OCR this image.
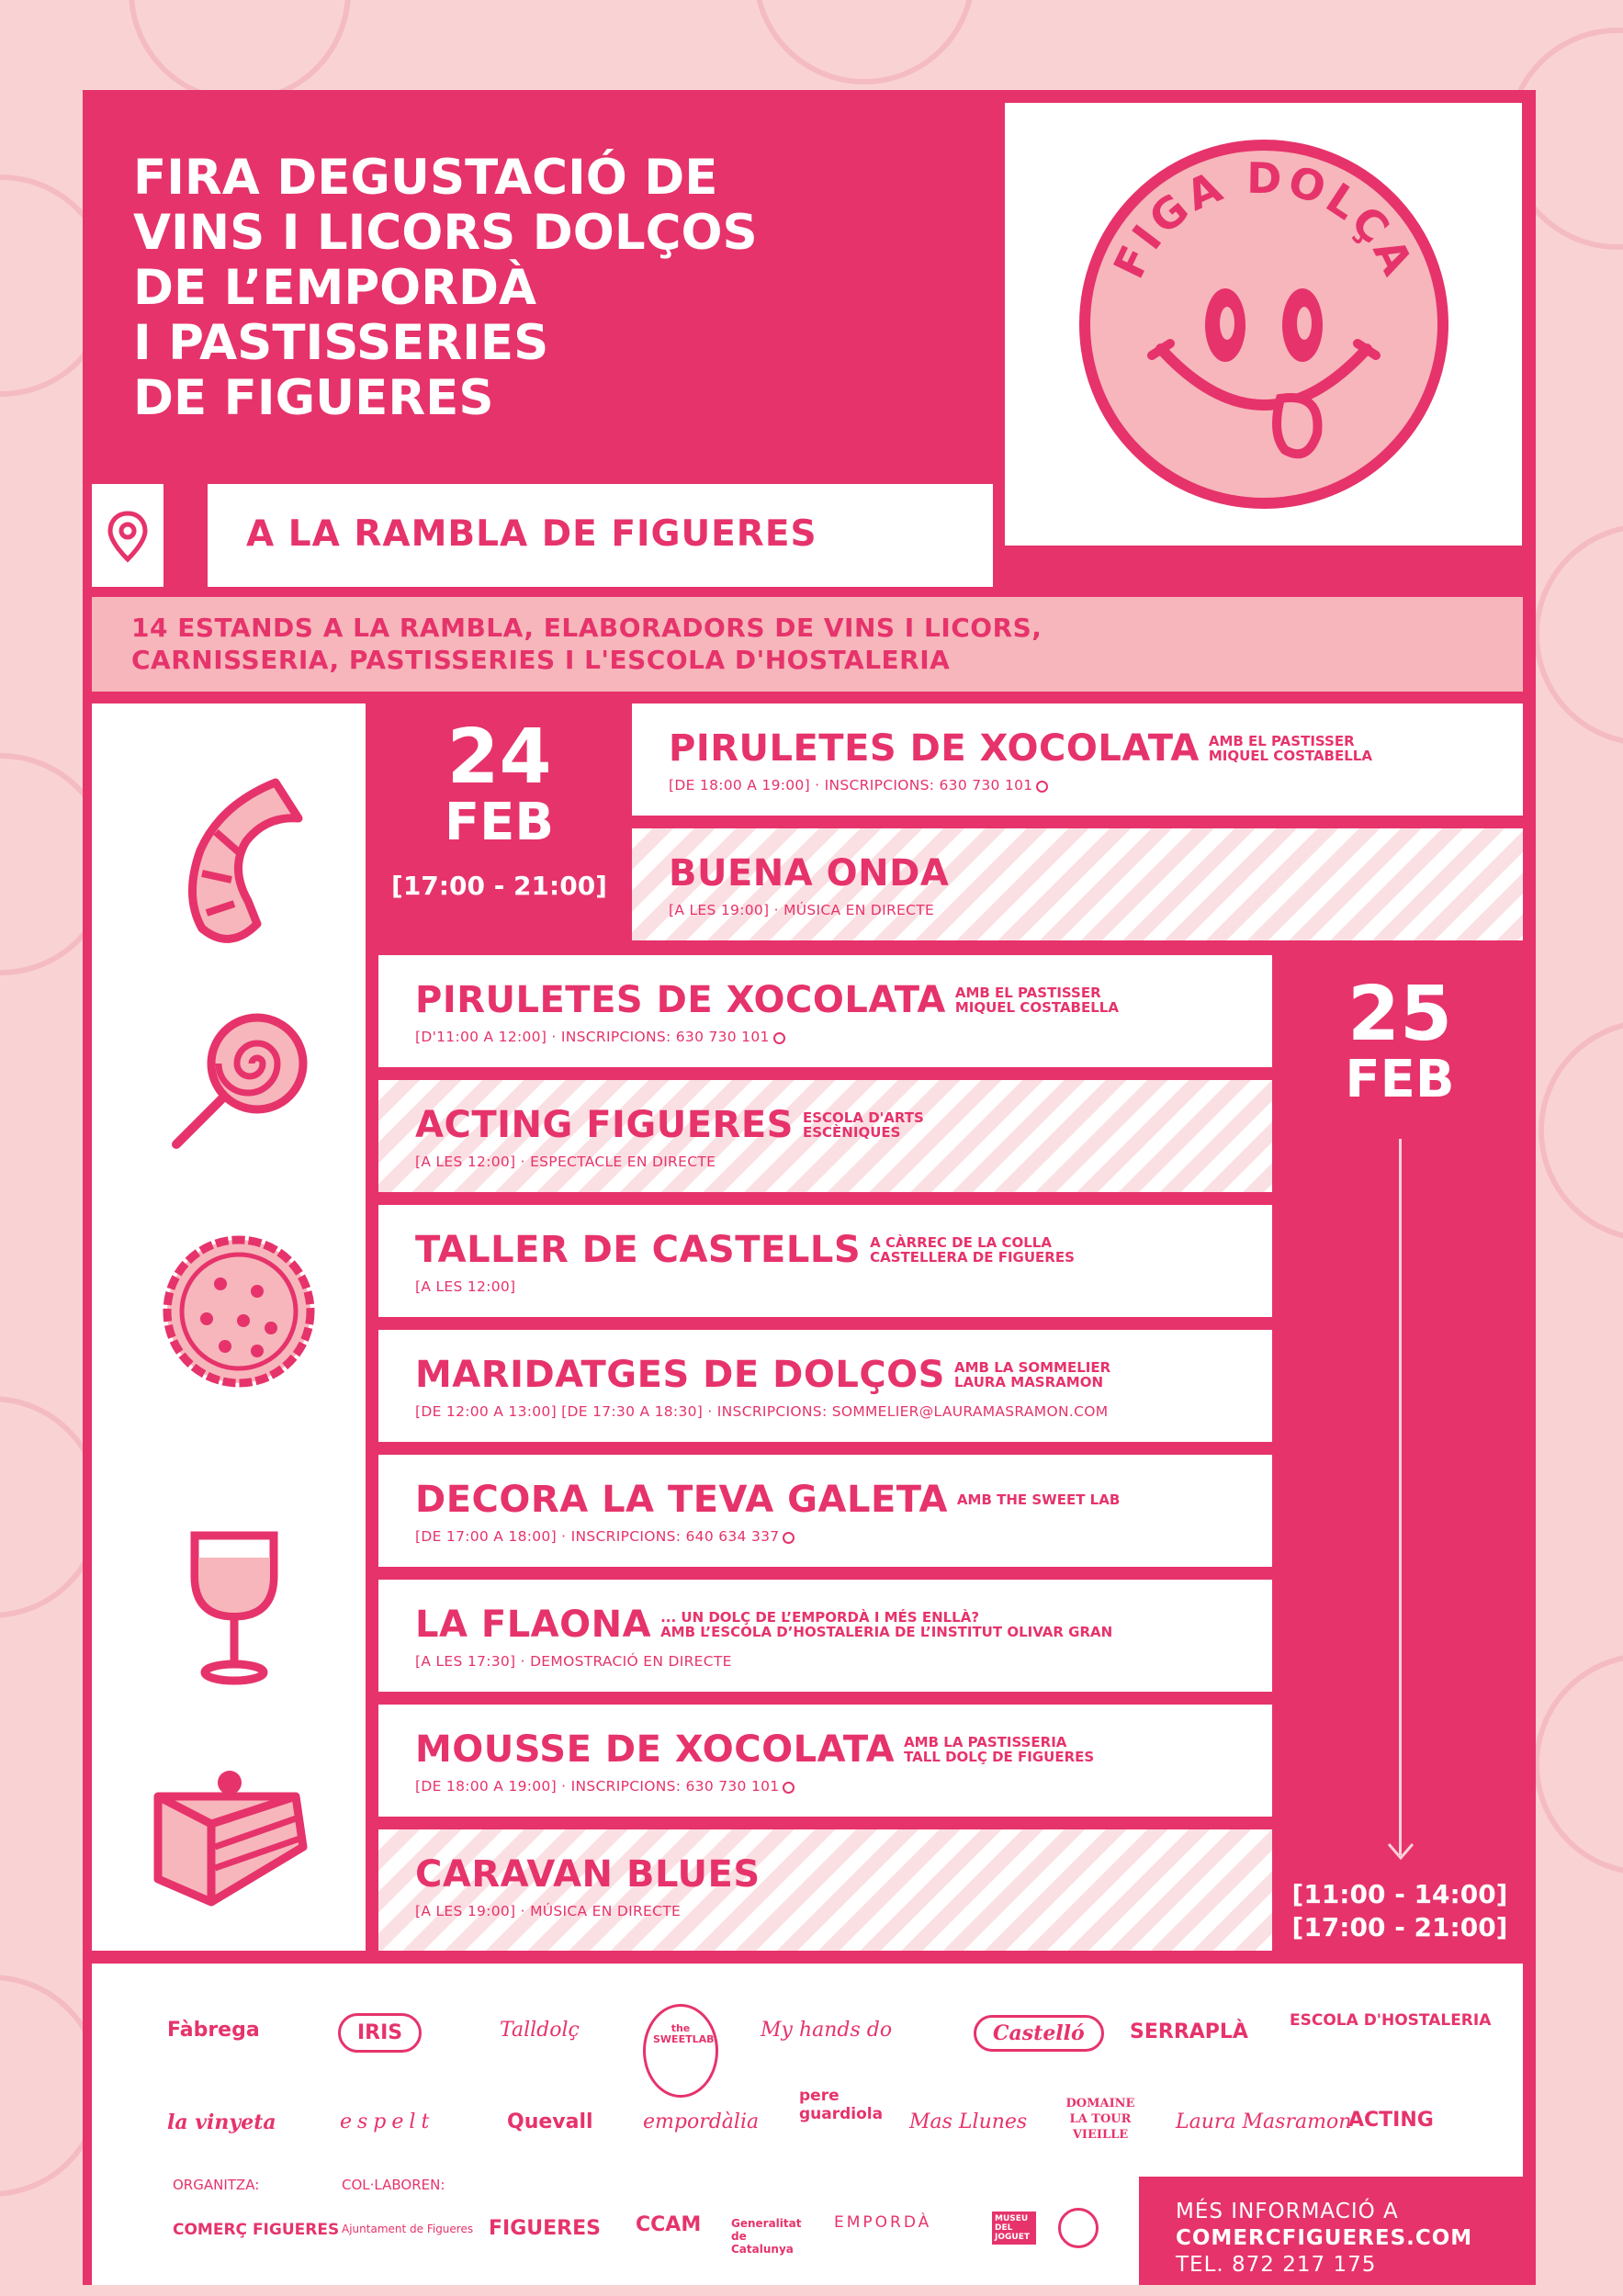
FIRA DEGUSTACIÓ DE
VINS I LICORS DOLÇOS
DE L’EMPORDÀ
I PASTISSERIES
DE FIGUERES
FIGA DOLÇA
A LA RAMBLA DE FIGUERES
14 ESTANDS A LA RAMBLA, ELABORADORS DE VINS I LICORS,
CARNISSERIA, PASTISSERIES I L'ESCOLA D'HOSTALERIA
24
FEB
[17:00 - 21:00]
PIRULETES DE XOCOLATA AMB EL PASTISSER
MIQUEL COSTABELLA
[DE 18:00 A 19:00] · INSCRIPCIONS: 630 730 101
BUENA ONDA
[A LES 19:00] · MÚSICA EN DIRECTE
25
FEB
[11:00 - 14:00]
[17:00 - 21:00]
PIRULETES DE XOCOLATA AMB EL PASTISSER
MIQUEL COSTABELLA
[D'11:00 A 12:00] · INSCRIPCIONS: 630 730 101
ACTING FIGUERES ESCOLA D'ARTS
ESCÈNIQUES
[A LES 12:00] · ESPECTACLE EN DIRECTE
TALLER DE CASTELLS A CÀRREC DE LA COLLA
CASTELLERA DE FIGUERES
[A LES 12:00]
MARIDATGES DE DOLÇOS AMB LA SOMMELIER
LAURA MASRAMON
[DE 12:00 A 13:00] [DE 17:30 A 18:30] · INSCRIPCIONS: SOMMELIER@LAURAMASRAMON.COM
DECORA LA TEVA GALETA AMB THE SWEET LAB
[DE 17:00 A 18:00] · INSCRIPCIONS: 640 634 337
LA FLAONA ... UN DOLÇ DE L’EMPORDÀ I MÉS ENLLÀ?
AMB L’ESCOLA D’HOSTALERIA DE L’INSTITUT OLIVAR GRAN
[A LES 17:30] · DEMOSTRACIÓ EN DIRECTE
MOUSSE DE XOCOLATA AMB LA PASTISSERIA
TALL DOLÇ DE FIGUERES
[DE 18:00 A 19:00] · INSCRIPCIONS: 630 730 101
CARAVAN BLUES
[A LES 19:00] · MÚSICA EN DIRECTE
Fàbrega	IRIS	Talldolç	the SWEETLAB My hands do	Castelló	SERRAPLÀ	ESCOLA D'HOSTALERIA
la vinyeta	espelt	Quevall empordàlia
pere guardiola Mas Llunes
DOMAINE LA TOUR VIEILLE
Laura Masramon
ACTING
ORGANITZA:	COL·LABOREN:
COMERÇ FIGUERES Ajuntament de Figueres FIGUERES CCAM	Generalitat de Catalunya
EMPORDÀ	MUSEU DEL JOGUET
MÉS INFORMACIÓ A
COMERCFIGUERES.COM
TEL. 872 217 175
